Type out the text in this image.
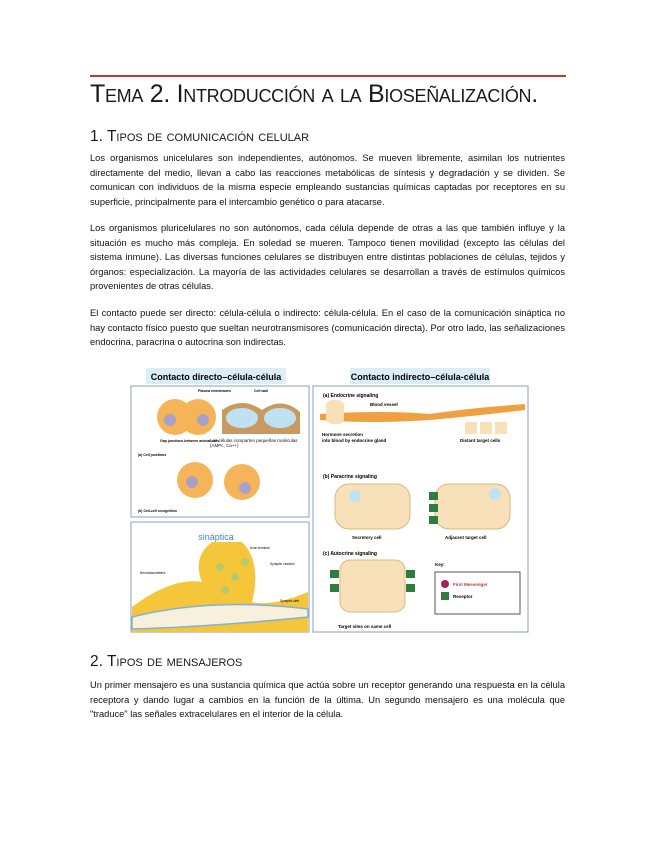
Tema 2. Introducción a la Bioseñalización.
1. Tipos de comunicación celular

Los organismos unicelulares son independientes, autónomos. Se mueven libremente, asimilan los nutrientes directamente del medio, llevan a cabo las reacciones metabólicas de síntesis y degradación y se dividen. Se comunican con individuos de la misma especie empleando sustancias químicas captadas por receptores en su superficie, principalmente para el intercambio genético o para atacarse.

Los organismos pluricelulares no son autónomos, cada célula depende de otras a las que también influye y la situación es mucho más compleja. En soledad se mueren. Tampoco tienen movilidad (excepto las células del sistema inmune). Las diversas funciones celulares se distribuyen entre distintas poblaciones de células, tejidos y órganos: especialización. La mayoría de las actividades celulares se desarrollan a través de estímulos químicos provenientes de otras células.

El contacto puede ser directo: célula-célula o indirecto: célula-célula. En el caso de la comunicación sináptica no hay contacto físico puesto que sueltan neurotransmisores (comunicación directa). Por otro lado, las señalizaciones endocrina, paracrina o autocrina son indirectas.

Contacto directo–célula-célula
Plasma membranes	Cell wall
Gap junctions between animal cells
Las células comparten pequeñas moléculas (AMPc, Ca++)
(a) Cell junctions
(b) Cell-cell recognition
sináptica
Axon terminal
Synaptic vesicles
Neurotransmitters
Synaptic cleft
Contacto indirecto–célula-célula
(a) Endocrine signaling
Blood vessel
Hormone secretion
into blood by endocrine gland	Distant target cells
(b) Paracrine signaling
Secretory cell	Adjacent target cell
(c) Autocrine signaling
Target sites on same cell
Key:
First Messenger
Receptor
2. Tipos de mensajeros

Un primer mensajero es una sustancia química que actúa sobre un receptor generando una respuesta en la célula receptora y dando lugar a cambios en la función de la última. Un segundo mensajero es una molécula que "traduce" las señales extracelulares en el interior de la célula.
